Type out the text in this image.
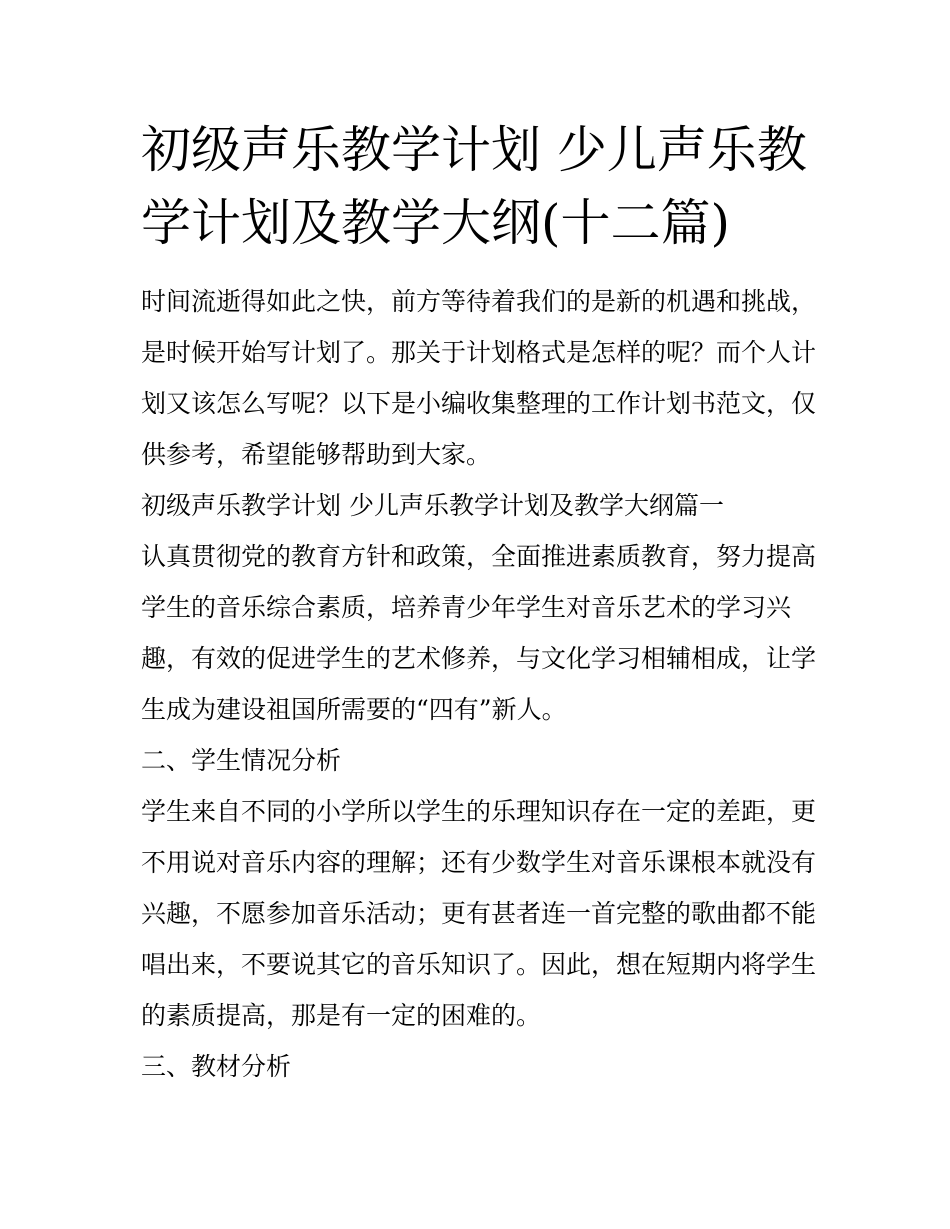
初级声乐教学计划 少儿声乐教
学计划及教学大纲(十二篇)
时间流逝得如此之快，前方等待着我们的是新的机遇和挑战，
是时候开始写计划了。那关于计划格式是怎样的呢？而个人计
划又该怎么写呢？以下是小编收集整理的工作计划书范文，仅
供参考，希望能够帮助到大家。
初级声乐教学计划 少儿声乐教学计划及教学大纲篇一
认真贯彻党的教育方针和政策，全面推进素质教育，努力提高
学生的音乐综合素质，培养青少年学生对音乐艺术的学习兴
趣，有效的促进学生的艺术修养，与文化学习相辅相成，让学
生成为建设祖国所需要的“四有”新人。
二、学生情况分析
学生来自不同的小学所以学生的乐理知识存在一定的差距，更
不用说对音乐内容的理解；还有少数学生对音乐课根本就没有
兴趣，不愿参加音乐活动；更有甚者连一首完整的歌曲都不能
唱出来，不要说其它的音乐知识了。因此，想在短期内将学生
的素质提高，那是有一定的困难的。
三、教材分析
